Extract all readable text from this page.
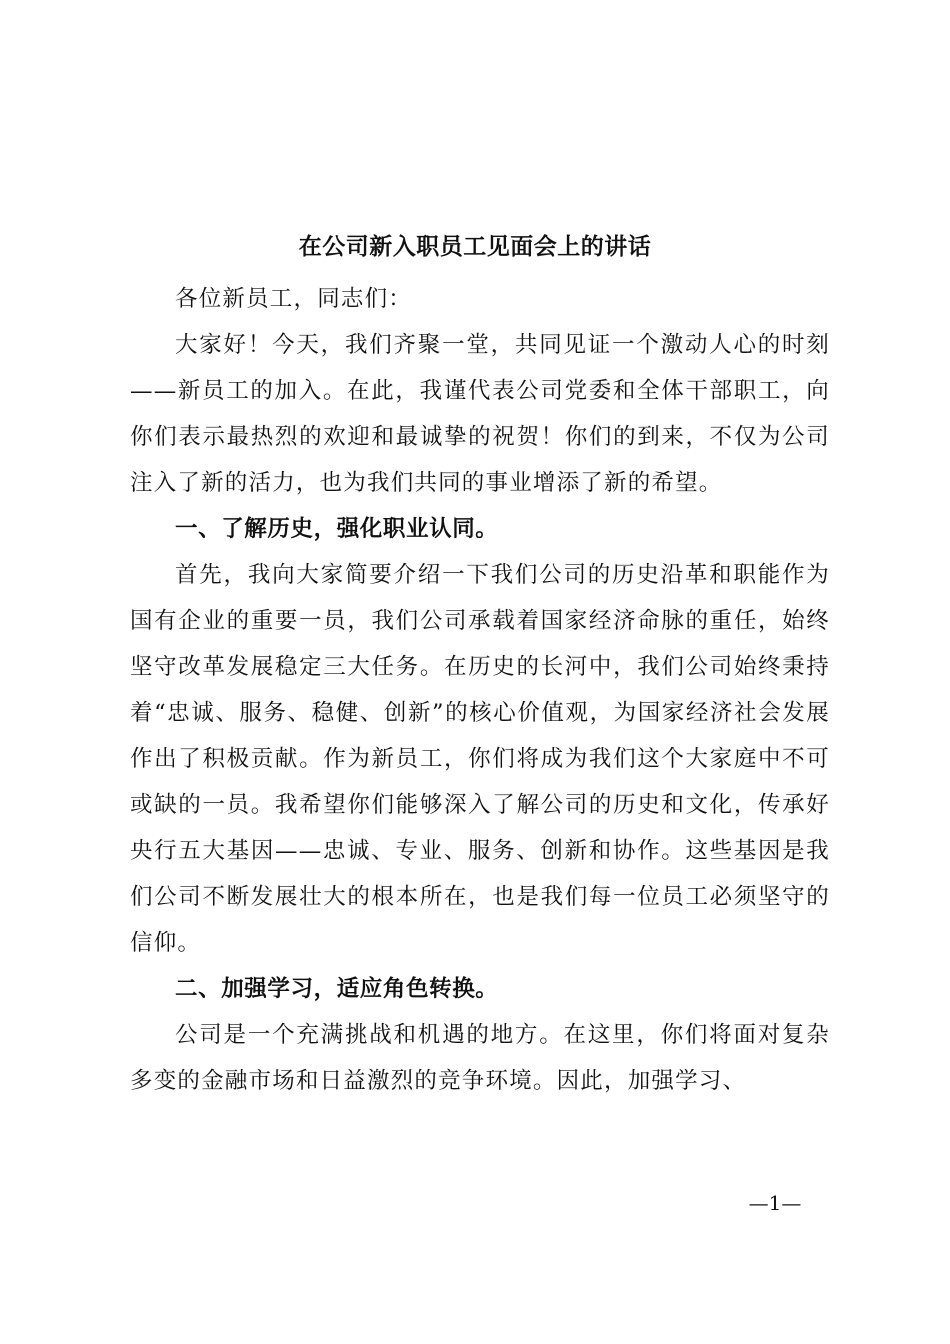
在公司新入职员工见面会上的讲话

各位新员工，同志们：

大家好！今天，我们齐聚一堂，共同见证一个激动人心的时刻——新员工的加入。在此，我谨代表公司党委和全体干部职工，向你们表示最热烈的欢迎和最诚挚的祝贺！你们的到来，不仅为公司注入了新的活力，也为我们共同的事业增添了新的希望。

一、了解历史，强化职业认同。

首先，我向大家简要介绍一下我们公司的历史沿革和职能作为国有企业的重要一员，我们公司承载着国家经济命脉的重任，始终坚守改革发展稳定三大任务。在历史的长河中，我们公司始终秉持着“忠诚、服务、稳健、创新”的核心价值观，为国家经济社会发展作出了积极贡献。作为新员工，你们将成为我们这个大家庭中不可或缺的一员。我希望你们能够深入了解公司的历史和文化，传承好央行五大基因——忠诚、专业、服务、创新和协作。这些基因是我们公司不断发展壮大的根本所在，也是我们每一位员工必须坚守的信仰。

二、加强学习，适应角色转换。

公司是一个充满挑战和机遇的地方。在这里，你们将面对复杂多变的金融市场和日益激烈的竞争环境。因此，加强学习、

—1—
